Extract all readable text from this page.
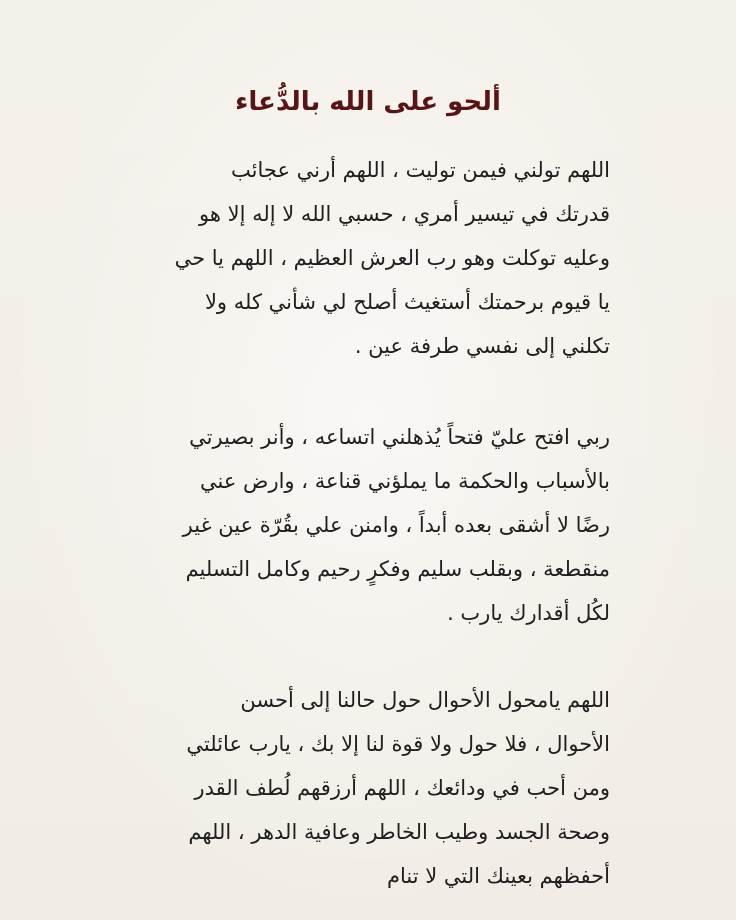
ألحو على الله بالدُّعاء
اللهم تولني فيمن توليت ، اللهم أرني عجائب
قدرتك في تيسير أمري ، حسبي الله لا إله إلا هو
وعليه توكلت وهو رب العرش العظيم ، اللهم يا حي
يا قيوم برحمتك أستغيث أصلح لي شأني كله ولا
تكلني إلى نفسي طرفة عين .
ربي افتح عليّ فتحاً يُذهلني اتساعه ، وأنر بصيرتي
بالأسباب والحكمة ما يملؤني قناعة ، وارض عني
رضًا لا أشقى بعده أبداً ، وامنن علي بقُرّة عين غير
منقطعة ، وبقلب سليم وفكرٍ رحيم وكامل التسليم
لكُل أقدارك يارب .
اللهم يامحول الأحوال حول حالنا إلى أحسن
الأحوال ، فلا حول ولا قوة لنا إلا بك ، يارب عائلتي
ومن أحب في ودائعك ، اللهم أرزقهم لُطف القدر
وصحة الجسد وطيب الخاطر وعافية الدهر ، اللهم
أحفظهم بعينك التي لا تنام
